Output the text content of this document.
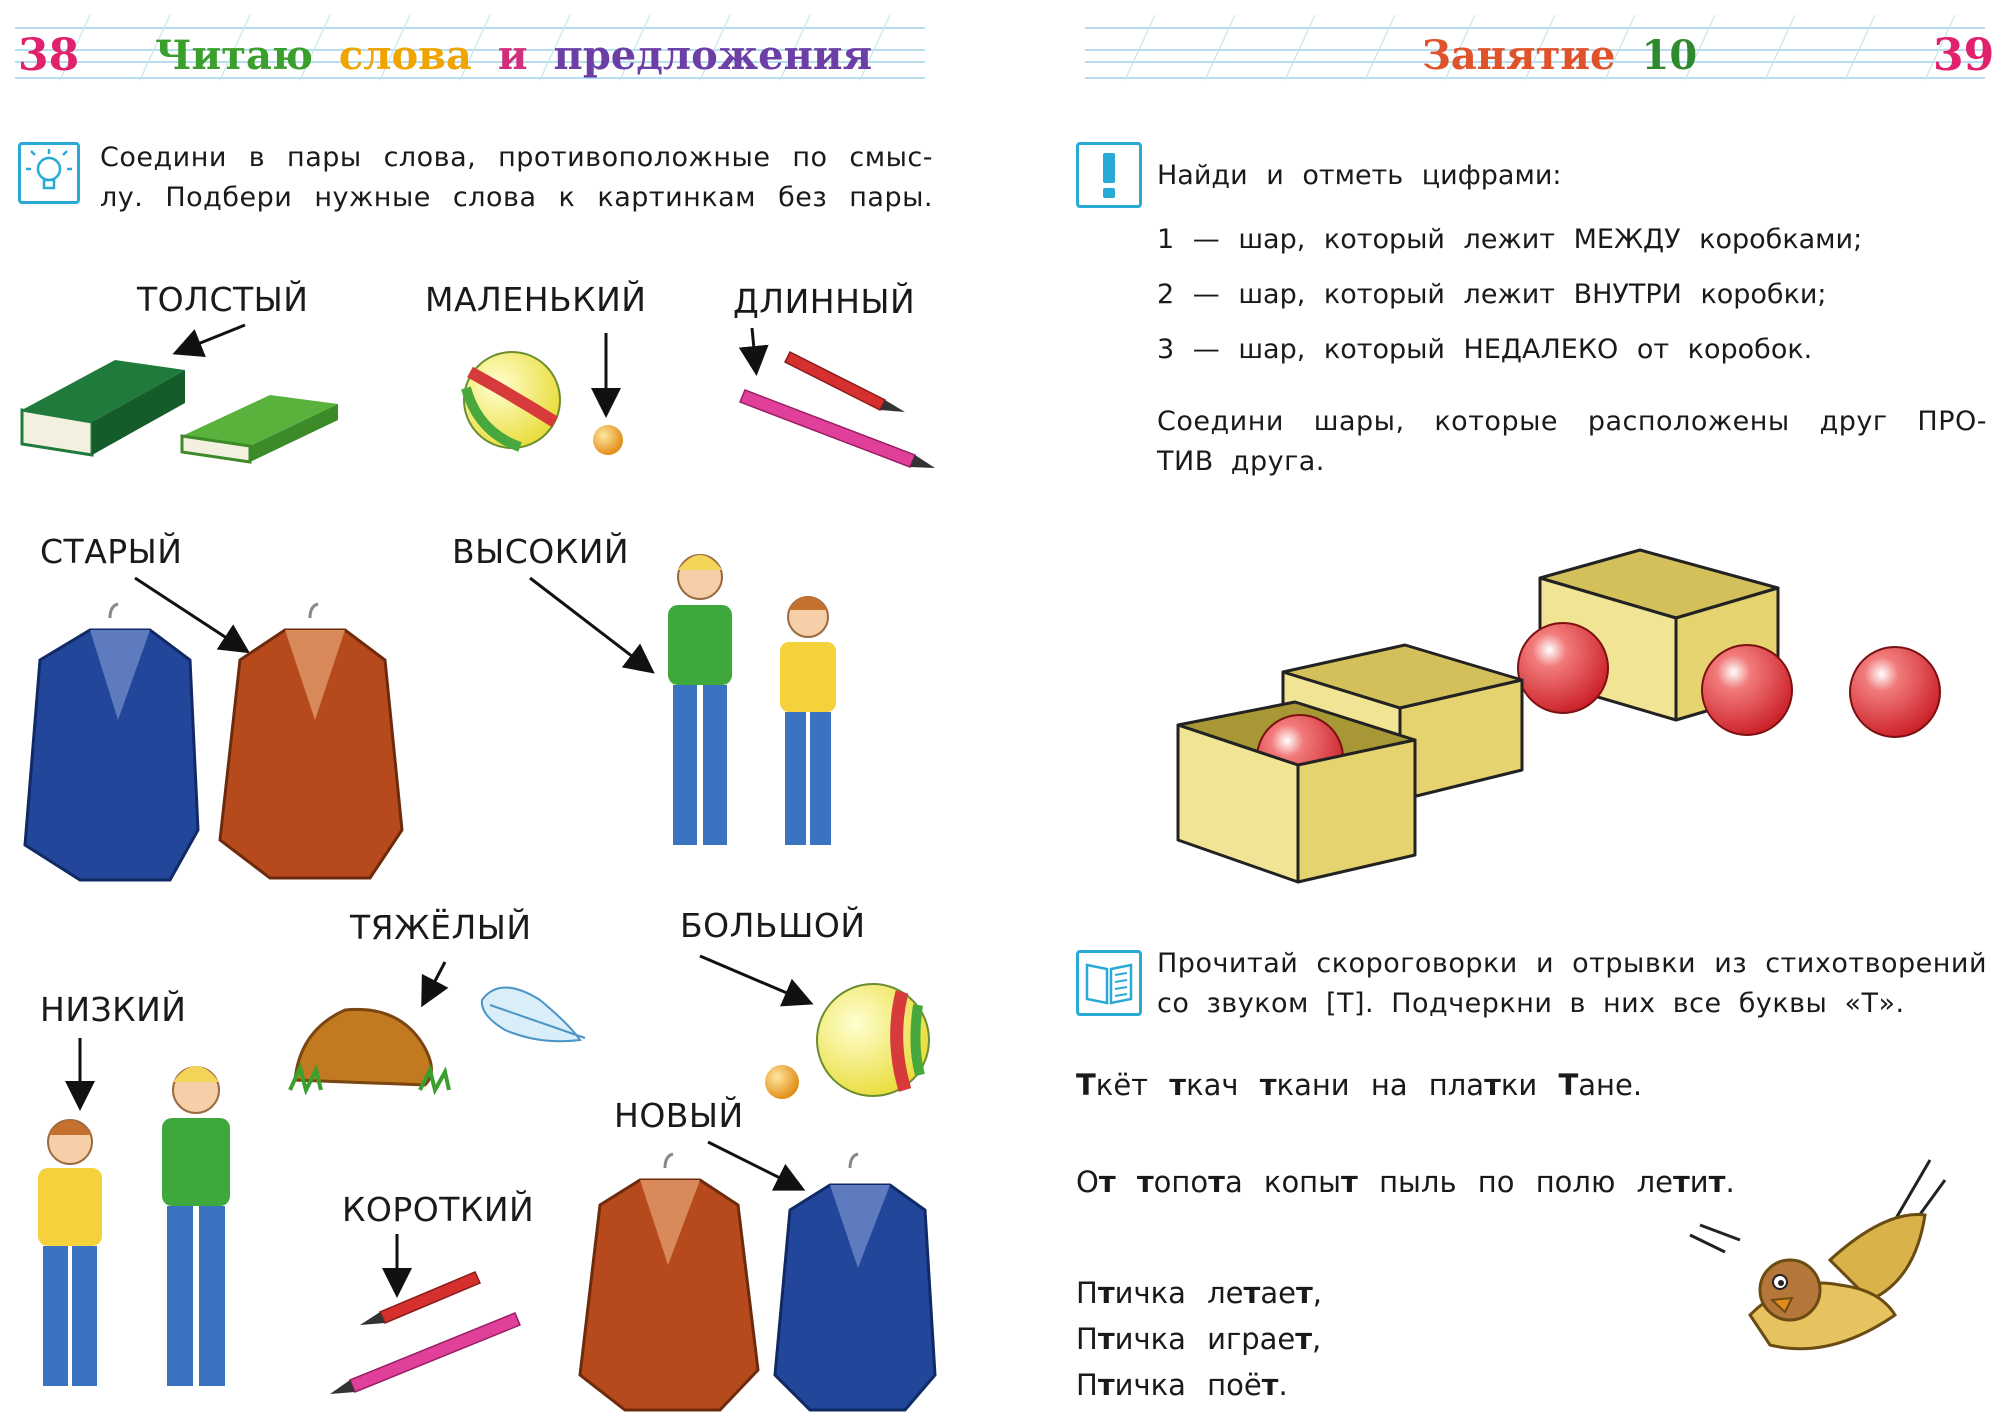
38 Читаю слова и предложения
Соедини в пары слова, противоположные по смыс-
лу. Подбери нужные слова к картинкам без пары.
ТОЛСТЫЙ	МАЛЕНЬКИЙ	ДЛИННЫЙ
СТАРЫЙ	ВЫСОКИЙ
ТЯЖЁЛЫЙ	БОЛЬШОЙ
НИЗКИЙ
НОВЫЙ
КОРОТКИЙ
Занятие 10	39
Найди и отметь цифрами:
1 — шар, который лежит МЕЖДУ коробками;
2 — шар, который лежит ВНУТРИ коробки;
3 — шар, который НЕДАЛЕКО от коробок.
Соедини шары, которые расположены друг ПРО-
ТИВ друга.
Прочитай скороговорки и отрывки из стихотворений
со звуком [Т]. Подчеркни в них все буквы «Т».
Ткёт ткач ткани на платки Тане.
От топота копыт пыль по полю летит.
Птичка летает,
Птичка играет,
Птичка поёт.
